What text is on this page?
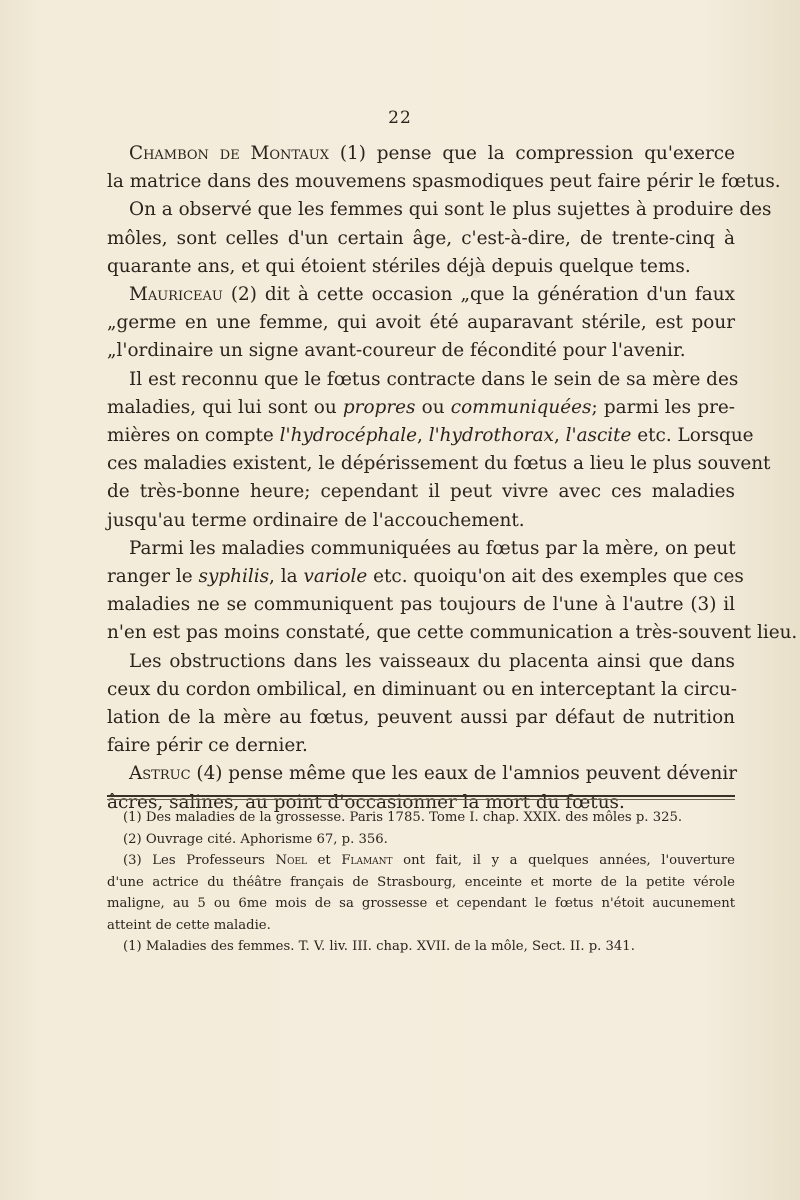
22
Chambon de Montaux (1) pense que la compression qu'exerce
la matrice dans des mouvemens spasmodiques peut faire périr le fœtus.
On a observé que les femmes qui sont le plus sujettes à produire des
môles, sont celles d'un certain âge, c'est-à-dire, de trente-cinq à
quarante ans, et qui étoient stériles déjà depuis quelque tems.
Mauriceau (2) dit à cette occasion „que la génération d'un faux
„germe en une femme, qui avoit été auparavant stérile, est pour
„l'ordinaire un signe avant-coureur de fécondité pour l'avenir.
Il est reconnu que le fœtus contracte dans le sein de sa mère des
maladies, qui lui sont ou propres ou communiquées; parmi les pre-
mières on compte l'hydrocéphale, l'hydrothorax, l'ascite etc. Lorsque
ces maladies existent, le dépérissement du fœtus a lieu le plus souvent
de très-bonne heure; cependant il peut vivre avec ces maladies
jusqu'au terme ordinaire de l'accouchement.
Parmi les maladies communiquées au fœtus par la mère, on peut
ranger le syphilis, la variole etc. quoiqu'on ait des exemples que ces
maladies ne se communiquent pas toujours de l'une à l'autre (3) il
n'en est pas moins constaté, que cette communication a très-souvent lieu.
Les obstructions dans les vaisseaux du placenta ainsi que dans
ceux du cordon ombilical, en diminuant ou en interceptant la circu-
lation de la mère au fœtus, peuvent aussi par défaut de nutrition
faire périr ce dernier.
Astruc (4) pense même que les eaux de l'amnios peuvent dévenir
âcres, salines, au point d'occasionner la mort du fœtus.
(1) Des maladies de la grossesse. Paris 1785. Tome I. chap. XXIX. des môles p. 325.
(2) Ouvrage cité. Aphorisme 67, p. 356.
(3) Les Professeurs Noel et Flamant ont fait, il y a quelques années, l'ouverture
d'une actrice du théâtre français de Strasbourg, enceinte et morte de la petite vérole
maligne, au 5 ou 6me mois de sa grossesse et cependant le fœtus n'étoit aucunement
atteint de cette maladie.
(1) Maladies des femmes. T. V. liv. III. chap. XVII. de la môle, Sect. II. p. 341.
